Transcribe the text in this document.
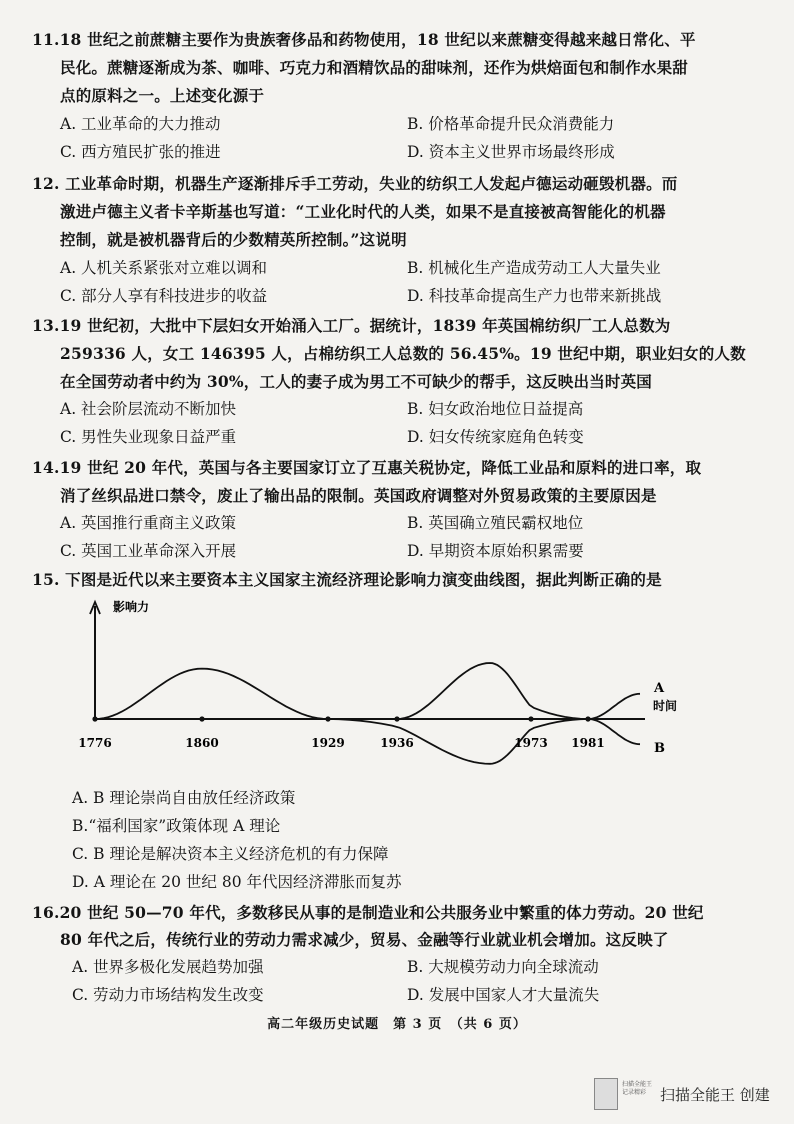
11.18 世纪之前蔗糖主要作为贵族奢侈品和药物使用，18 世纪以来蔗糖变得越来越日常化、平
民化。蔗糖逐渐成为茶、咖啡、巧克力和酒精饮品的甜味剂，还作为烘焙面包和制作水果甜
点的原料之一。上述变化源于
A. 工业革命的大力推动	B. 价格革命提升民众消费能力
C. 西方殖民扩张的推进	D. 资本主义世界市场最终形成
12. 工业革命时期，机器生产逐渐排斥手工劳动，失业的纺织工人发起卢德运动砸毁机器。而
激进卢德主义者卡辛斯基也写道：“工业化时代的人类，如果不是直接被高智能化的机器
控制，就是被机器背后的少数精英所控制。”这说明
A. 人机关系紧张对立难以调和	B. 机械化生产造成劳动工人大量失业
C. 部分人享有科技进步的收益	D. 科技革命提高生产力也带来新挑战
13.19 世纪初，大批中下层妇女开始涌入工厂。据统计，1839 年英国棉纺织厂工人总数为
259336 人，女工 146395 人，占棉纺织工人总数的 56.45%。19 世纪中期，职业妇女的人数
在全国劳动者中约为 30%，工人的妻子成为男工不可缺少的帮手，这反映出当时英国
A. 社会阶层流动不断加快	B. 妇女政治地位日益提高
C. 男性失业现象日益严重	D. 妇女传统家庭角色转变
14.19 世纪 20 年代，英国与各主要国家订立了互惠关税协定，降低工业品和原料的进口率，取
消了丝织品进口禁令，废止了输出品的限制。英国政府调整对外贸易政策的主要原因是
A. 英国推行重商主义政策	B. 英国确立殖民霸权地位
C. 英国工业革命深入开展	D. 早期资本原始积累需要
15. 下图是近代以来主要资本主义国家主流经济理论影响力演变曲线图，据此判断正确的是
A
B
1776	1860	1929	1936	1973 1981
影响力
时间
A. B 理论崇尚自由放任经济政策
B.“福利国家”政策体现 A 理论
C. B 理论是解决资本主义经济危机的有力保障
D. A 理论在 20 世纪 80 年代因经济滞胀而复苏
16.20 世纪 50—70 年代，多数移民从事的是制造业和公共服务业中繁重的体力劳动。20 世纪
80 年代之后，传统行业的劳动力需求减少，贸易、金融等行业就业机会增加。这反映了
A. 世界多极化发展趋势加强	B. 大规模劳动力向全球流动
C. 劳动力市场结构发生改变	D. 发展中国家人才大量流失
高二年级历史试题　第 3 页　（共 6 页）
扫描全能王 记录精彩 扫描全能王 创建
